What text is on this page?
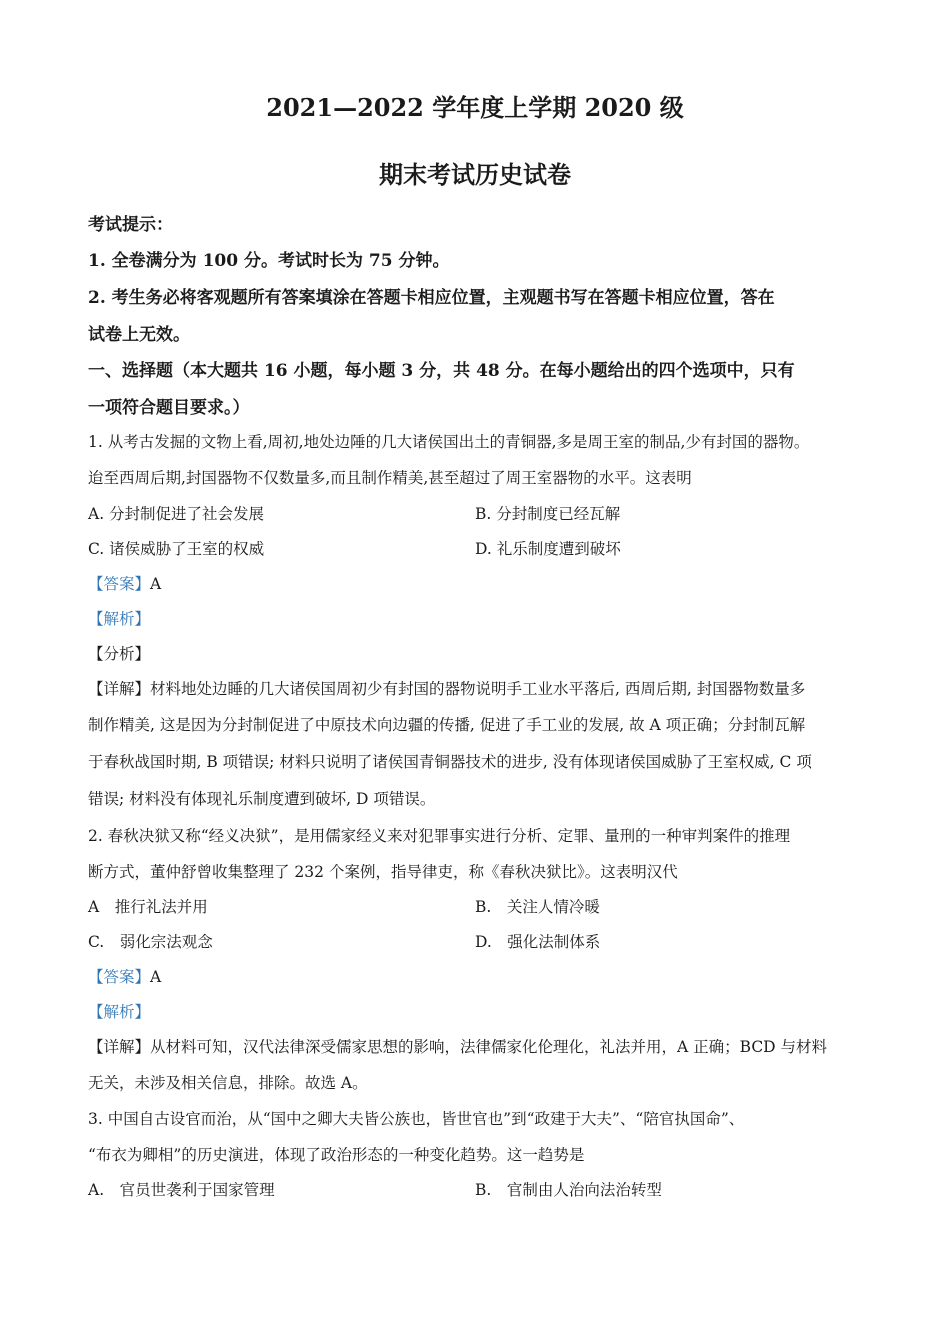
2021—2022 学年度上学期 2020 级
期末考试历史试卷
考试提示：
1. 全卷满分为 100 分。考试时长为 75 分钟。
2. 考生务必将客观题所有答案填涂在答题卡相应位置，主观题书写在答题卡相应位置，答在
试卷上无效。
一、选择题（本大题共 16 小题，每小题 3 分，共 48 分。在每小题给出的四个选项中，只有
一项符合题目要求。）
1. 从考古发掘的文物上看,周初,地处边陲的几大诸侯国出土的青铜器,多是周王室的制品,少有封国的器物。
迨至西周后期,封国器物不仅数量多,而且制作精美,甚至超过了周王室器物的水平。这表明
A. 分封制促进了社会发展	B. 分封制度已经瓦解
C. 诸侯威胁了王室的权威	D. 礼乐制度遭到破坏
【答案】A
【解析】
【分析】
【详解】材料地处边睡的几大诸侯国周初少有封国的器物说明手工业水平落后, 西周后期, 封国器物数量多
制作精美, 这是因为分封制促进了中原技术向边疆的传播, 促进了手工业的发展, 故 A 项正确；分封制瓦解
于春秋战国时期, B 项错误; 材料只说明了诸侯国青铜器技术的进步, 没有体现诸侯国威胁了王室权威, C 项
错误; 材料没有体现礼乐制度遭到破坏, D 项错误。
2. 春秋决狱又称“经义决狱”，是用儒家经义来对犯罪事实进行分析、定罪、量刑的一种审判案件的推理
断方式，董仲舒曾收集整理了 232 个案例，指导律吏，称《春秋决狱比》。这表明汉代
A　推行礼法并用	B.　关注人情冷暖
C.　弱化宗法观念	D.　强化法制体系
【答案】A
【解析】
【详解】从材料可知，汉代法律深受儒家思想的影响，法律儒家化伦理化，礼法并用，A 正确；BCD 与材料
无关，未涉及相关信息，排除。故选 A。
3. 中国自古设官而治，从“国中之卿大夫皆公族也，皆世官也”到“政建于大夫”、“陪官执国命”、
“布衣为卿相”的历史演进，体现了政治形态的一种变化趋势。这一趋势是
A.　官员世袭利于国家管理	B.　官制由人治向法治转型
